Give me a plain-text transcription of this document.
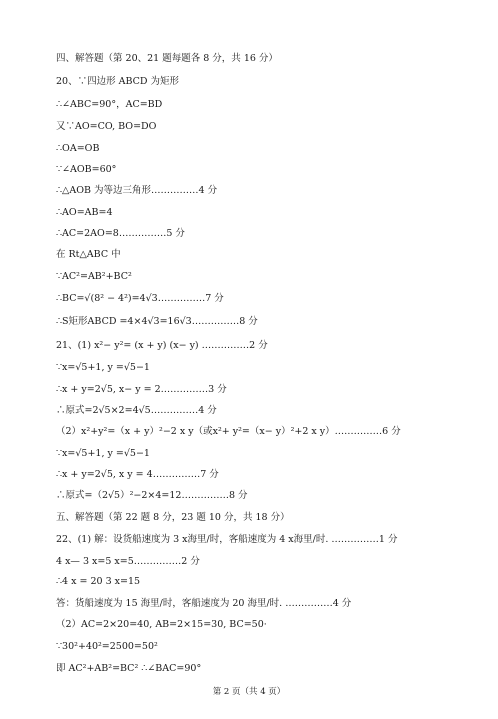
四、解答题（第 20、21 题每题各 8 分，共 16 分）
20、∵四边形 ABCD 为矩形
∴∠ABC=90°，AC=BD
又∵AO=CO, BO=DO
∴OA=OB
∵∠AOB=60°
∴△AOB 为等边三角形……………4 分
∴AO=AB=4
∴AC=2AO=8……………5 分
在 Rt△ABC 中
∵AC²=AB²+BC²
∴BC=√(8² − 4²)=4√3……………7 分
∴S矩形ABCD =4×4√3=16√3……………8 分
21、(1) x²− y²= (x + y) (x− y) ……………2 分
∵x=√5+1, y =√5−1
∴x + y=2√5, x− y = 2……………3 分
∴原式=2√5×2=4√5……………4 分
（2）x²+y²=（x + y）²−2 x y（或x²+ y²=（x− y）²+2 x y）……………6 分
∵x=√5+1, y =√5−1
∴x + y=2√5, x y = 4……………7 分
∴原式=（2√5）²−2×4=12……………8 分
五、解答题（第 22 题 8 分，23 题 10 分，共 18 分）
22、(1) 解：设货船速度为 3 x海里/时，客船速度为 4 x海里/时. ……………1 分
4 x— 3 x=5 x=5……………2 分
∴4 x = 20 3 x=15
答：货船速度为 15 海里/时，客船速度为 20 海里/时. ……………4 分
（2）AC=2×20=40, AB=2×15=30, BC=50·
∵30²+40²=2500=50²
即 AC²+AB²=BC² ∴∠BAC=90°
第 2 页（共 4 页）
